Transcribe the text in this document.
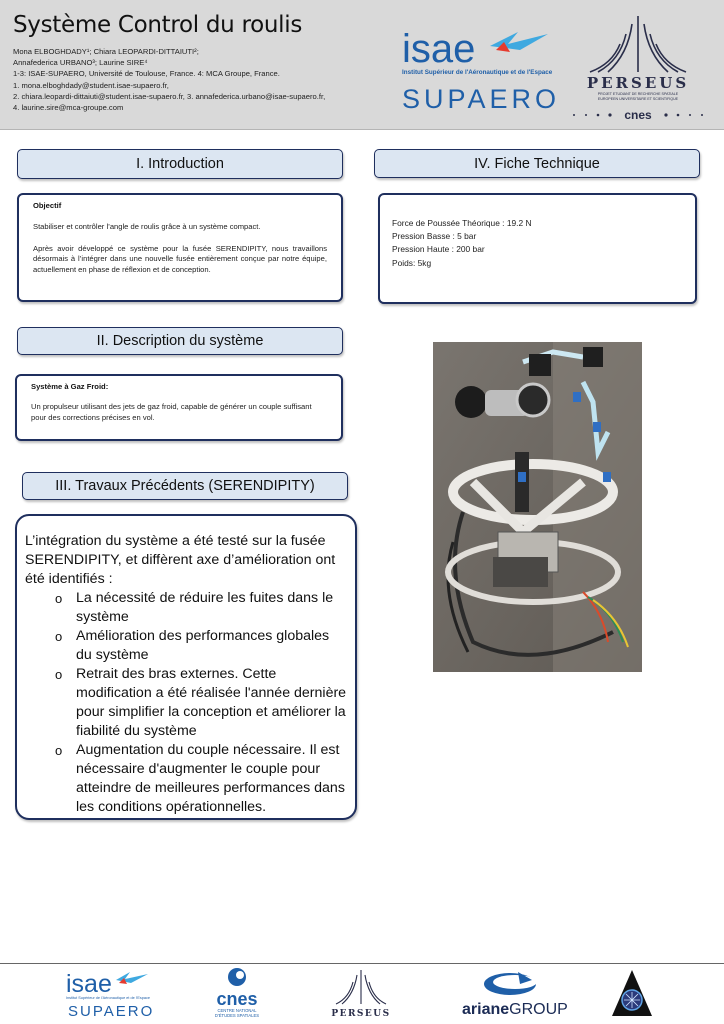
Système Control du roulis
Mona ELBOGHDADY¹; Chiara LEOPARDI-DITTAIUTI²;
Annafederica URBANO³; Laurine SIRE⁴
1-3: ISAE-SUPAERO, Université de Toulouse, France. 4: MCA Groupe, France.
1. mona.elboghdady@student.isae-supaero.fr,
2. chiara.leopardi-dittaiuti@student.isae-supaero.fr, 3. annafederica.urbano@isae-supaero.fr,
4. laurine.sire@mca-groupe.com
isae
Institut Supérieur de l'Aéronautique et de l'Espace
SUPAERO
PERSEUS
PROJET ETUDIANT DE RECHERCHE SPATIALE
EUROPEEN UNIVERSITAIRE ET SCIENTIFIQUE
cnes
I. Introduction
Objectif
Stabiliser et contrôler l’angle de roulis grâce à un système compact.
Après avoir développé ce système pour la fusée SERENDIPITY, nous travaillons désormais à l’intégrer dans une nouvelle fusée entièrement conçue par notre équipe, actuellement en phase de réflexion et de conception.
II. Description du système
Système à Gaz Froid:
Un propulseur utilisant des jets de gaz froid, capable de générer un couple suffisant pour des corrections précises en vol.
III. Travaux Précédents (SERENDIPITY)
L’intégration du système a été testé sur la fusée SERENDIPITY, et diffèrent axe d’amélioration ont été identifiés :
o La nécessité de réduire les fuites dans le système
o Amélioration des performances globales du système
o Retrait des bras externes. Cette modification a été réalisée l'année dernière pour simplifier la conception et améliorer la fiabilité du système
o Augmentation du couple nécessaire. Il est nécessaire d'augmenter le couple pour atteindre de meilleures performances dans les conditions opérationnelles.
IV. Fiche Technique
Force de Poussée Théorique : 19.2 N
Pression Basse : 5 bar
Pression Haute : 200 bar
Poids: 5kg
isae
Institut Supérieur de l'Aéronautique et de l'Espace
SUPAERO
cnes
CENTRE NATIONAL
D'ÉTUDES SPATIALES	PERSEUS	arianeGROUP
